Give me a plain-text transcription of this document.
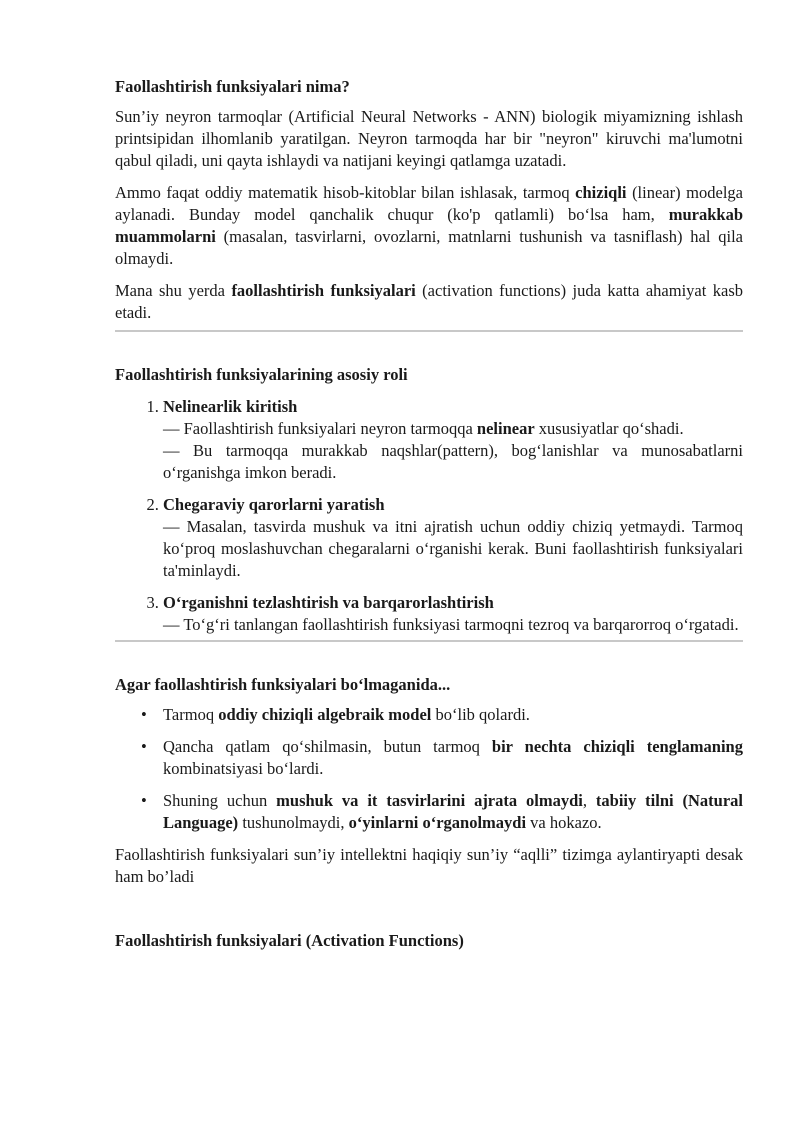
Faollashtirish funksiyalari nima?

Sun’iy neyron tarmoqlar (Artificial Neural Networks - ANN) biologik miyamizning ishlash printsipidan ilhomlanib yaratilgan. Neyron tarmoqda har bir "neyron" kiruvchi ma'lumotni qabul qiladi, uni qayta ishlaydi va natijani keyingi qatlamga uzatadi.

Ammo faqat oddiy matematik hisob-kitoblar bilan ishlasak, tarmoq chiziqli (linear) modelga aylanadi. Bunday model qanchalik chuqur (ko'p qatlamli) bo‘lsa ham, murakkab muammolarni (masalan, tasvirlarni, ovozlarni, matnlarni tushunish va tasniflash) hal qila olmaydi.

Mana shu yerda faollashtirish funksiyalari (activation functions) juda katta ahamiyat kasb etadi.

Faollashtirish funksiyalarining asosiy roli
1. Nelinearlik kiritish
— Faollashtirish funksiyalari neyron tarmoqqa nelinear xususiyatlar qo‘shadi.
— Bu tarmoqqa murakkab naqshlar(pattern), bog‘lanishlar va munosabatlarni o‘rganishga imkon beradi.
2. Chegaraviy qarorlarni yaratish
— Masalan, tasvirda mushuk va itni ajratish uchun oddiy chiziq yetmaydi. Tarmoq ko‘proq moslashuvchan chegaralarni o‘rganishi kerak. Buni faollashtirish funksiyalari ta'minlaydi.
3. O‘rganishni tezlashtirish va barqarorlashtirish
— To‘g‘ri tanlangan faollashtirish funksiyasi tarmoqni tezroq va barqarorroq o‘rgatadi.
Agar faollashtirish funksiyalari bo‘lmaganida...
• Tarmoq oddiy chiziqli algebraik model bo‘lib qolardi.
• Qancha qatlam qo‘shilmasin, butun tarmoq bir nechta chiziqli tenglamaning kombinatsiyasi bo‘lardi.
• Shuning uchun mushuk va it tasvirlarini ajrata olmaydi, tabiiy tilni (Natural Language) tushunolmaydi, o‘yinlarni o‘rganolmaydi va hokazo.

Faollashtirish funksiyalari sun’iy intellektni haqiqiy sun’iy “aqlli” tizimga aylantiryapti desak ham bo’ladi

Faollashtirish funksiyalari (Activation Functions)
